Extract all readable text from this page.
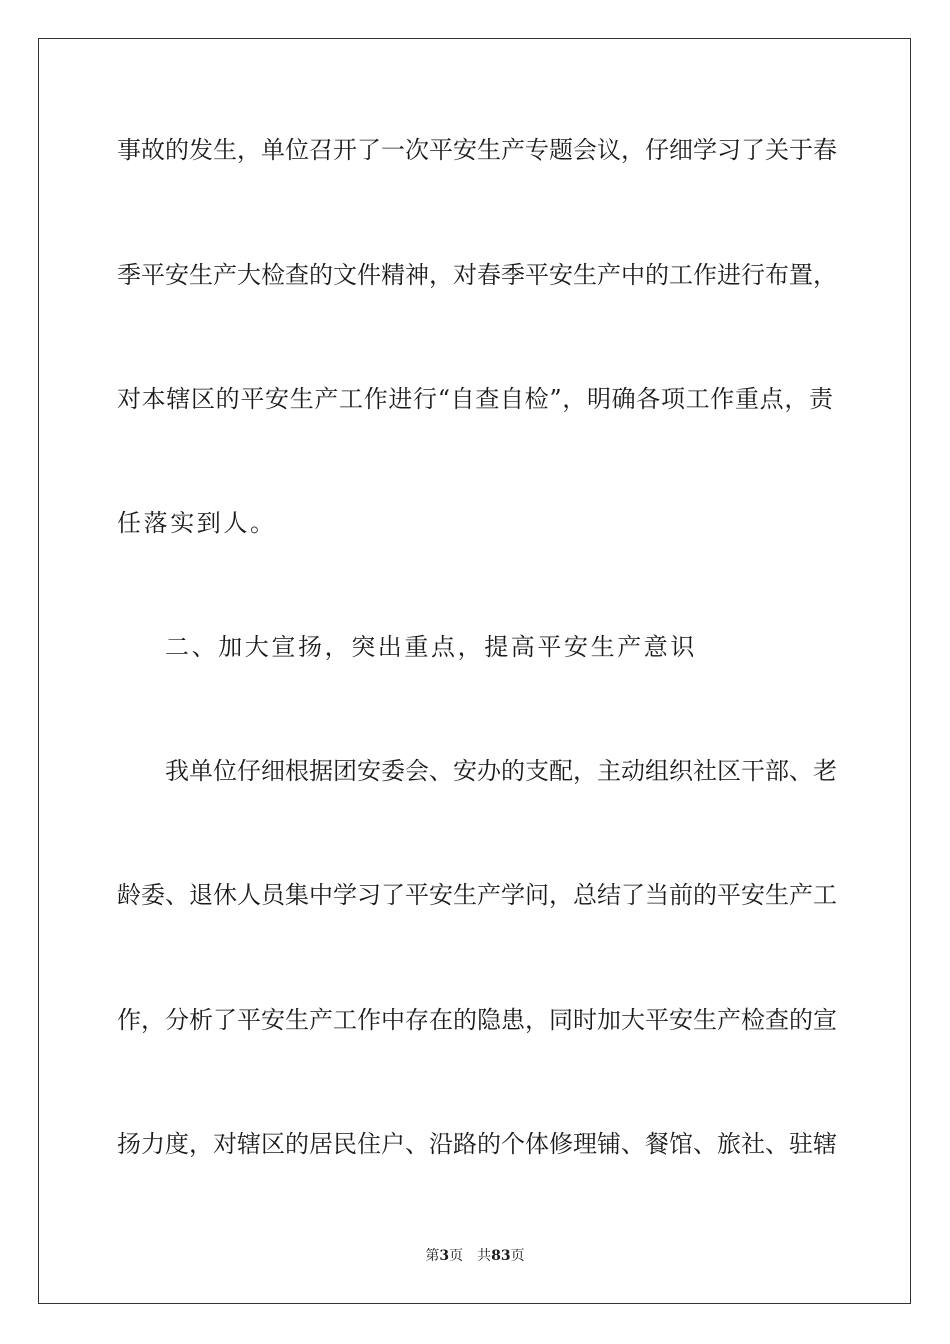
事故的发生，单位召开了一次平安生产专题会议，仔细学习了关于春
季平安生产大检查的文件精神，对春季平安生产中的工作进行布置，
对本辖区的平安生产工作进行“自查自检”，明确各项工作重点，责
任落实到人。
二、加大宣扬，突出重点，提高平安生产意识
我单位仔细根据团安委会、安办的支配，主动组织社区干部、老
龄委、退休人员集中学习了平安生产学问，总结了当前的平安生产工
作，分析了平安生产工作中存在的隐患，同时加大平安生产检查的宣
扬力度，对辖区的居民住户、沿路的个体修理铺、餐馆、旅社、驻辖
第3页　共83页
